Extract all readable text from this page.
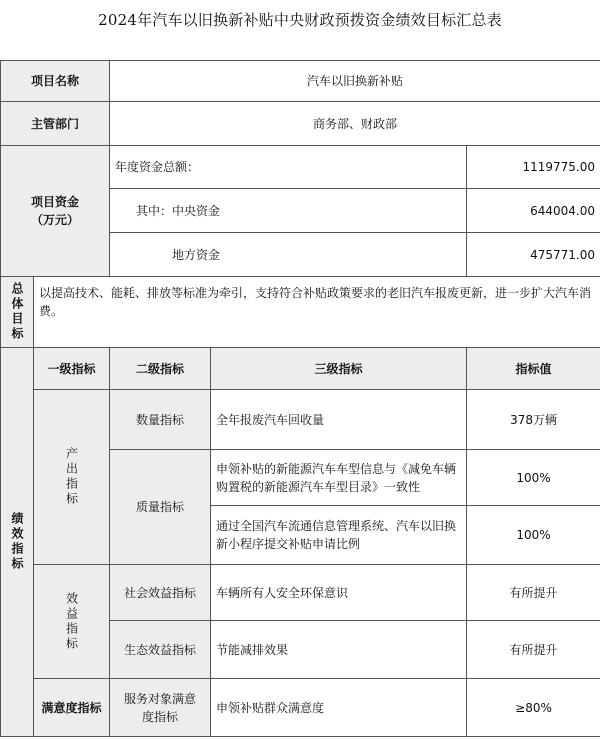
2024年汽车以旧换新补贴中央财政预拨资金绩效目标汇总表
项目名称		汽车以旧换新补贴		
主管部门		商务部、财政部		

项目资金
（万元）		年度资金总额：		1119775.00
		其中：中央资金		644004.00
		地方资金		475771.00

总体目标	以提高技术、能耗、排放等标准为牵引，支持符合补贴政策要求的老旧汽车报废更新，进一步扩大汽车消费。			

绩效指标	一级指标	二级指标	三级指标	指标值

	产出指标	数量指标	全年报废汽车回收量	378万辆
		质量指标	申领补贴的新能源汽车车型信息与《减免车辆购置税的新能源汽车车型目录》一致性	100%
			通过全国汽车流通信息管理系统、汽车以旧换新小程序提交补贴申请比例	100%

	效益指标	社会效益指标	车辆所有人安全环保意识	有所提升
		生态效益指标	节能减排效果	有所提升
	满意度指标	服务对象满意度指标	申领补贴群众满意度	≥80%
